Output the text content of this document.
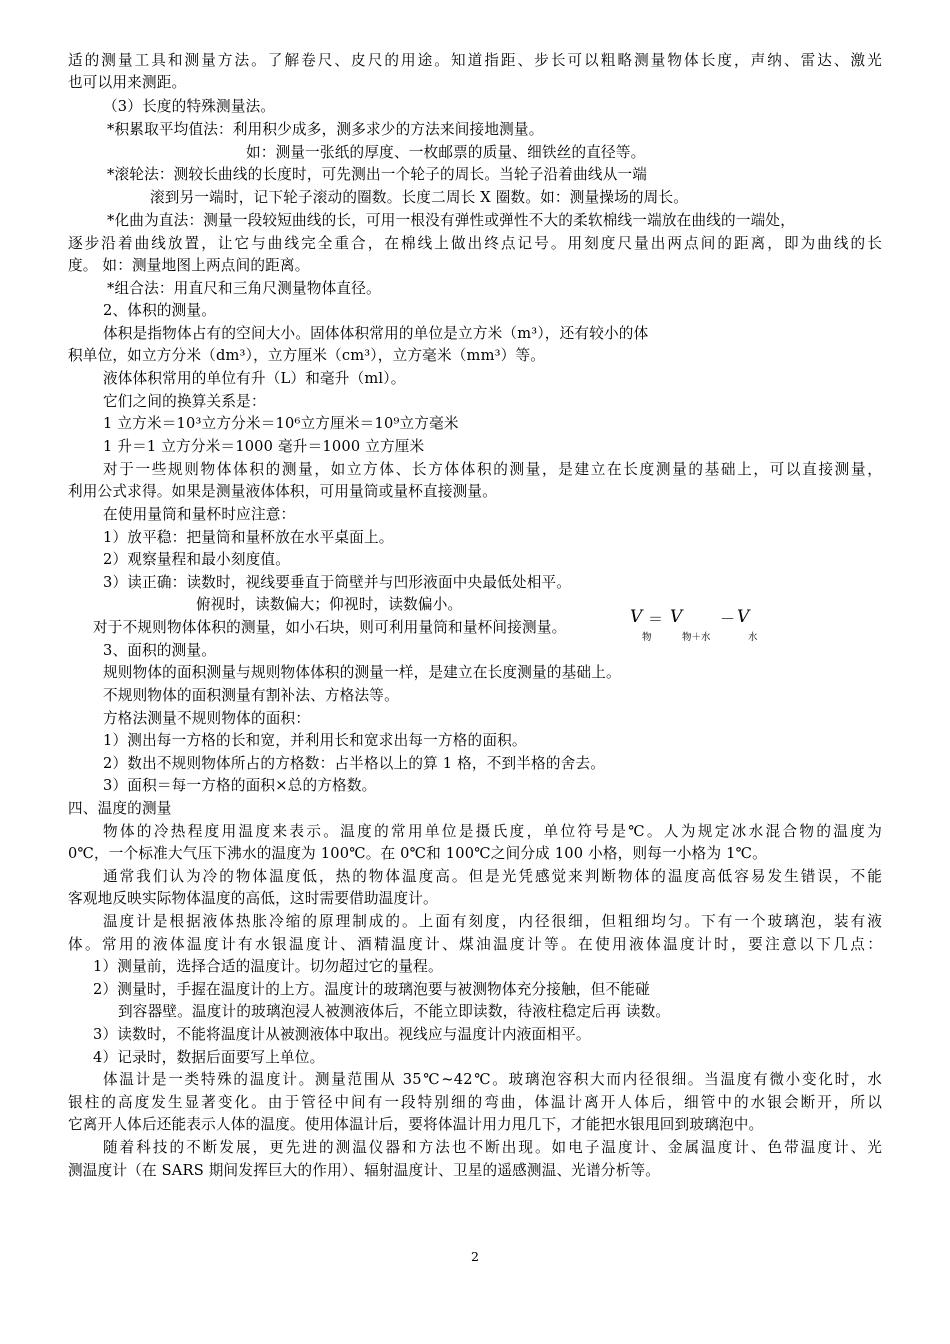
适的测量工具和测量方法。了解卷尺、皮尺的用途。知道指距、步长可以粗略测量物体长度，声纳、雷达、激光
也可以用来测距。
（3）长度的特殊测量法。
*积累取平均值法：利用积少成多，测多求少的方法来间接地测量。
如：测量一张纸的厚度、一枚邮票的质量、细铁丝的直径等。
*滚轮法：测较长曲线的长度时，可先测出一个轮子的周长。当轮子沿着曲线从一端
滚到另一端时，记下轮子滚动的圈数。长度二周长 X 圈数。如：测量操场的周长。
*化曲为直法：测量一段较短曲线的长，可用一根没有弹性或弹性不大的柔软棉线一端放在曲线的一端处，
逐步沿着曲线放置，让它与曲线完全重合，在棉线上做出终点记号。用刻度尺量出两点间的距离，即为曲线的长
度。 如：测量地图上两点间的距离。
*组合法：用直尺和三角尺测量物体直径。
2、体积的测量。
体积是指物体占有的空间大小。固体体积常用的单位是立方米（m³），还有较小的体
积单位，如立方分米（dm³），立方厘米（cm³），立方毫米（mm³）等。
液体体积常用的单位有升（L）和毫升（ml）。
它们之间的换算关系是：
1 立方米＝10³立方分米＝10⁶立方厘米＝10⁹立方毫米
1 升＝1 立方分米＝1000 毫升＝1000 立方厘米
对于一些规则物体体积的测量，如立方体、长方体体积的测量，是建立在长度测量的基础上，可以直接测量，
利用公式求得。如果是测量液体体积，可用量筒或量杯直接测量。
在使用量筒和量杯时应注意：
1）放平稳：把量筒和量杯放在水平桌面上。
2）观察量程和最小刻度值。
3）读正确：读数时，视线要垂直于筒壁并与凹形液面中央最低处相平。
俯视时，读数偏大；仰视时，读数偏小。
对于不规则物体体积的测量，如小石块，则可利用量筒和量杯间接测量。
V
物
＝ V
物＋水
－ V
水
3、面积的测量。
规则物体的面积测量与规则物体体积的测量一样，是建立在长度测量的基础上。
不规则物体的面积测量有割补法、方格法等。
方格法测量不规则物体的面积：
1）测出每一方格的长和宽，并利用长和宽求出每一方格的面积。
2）数出不规则物体所占的方格数：占半格以上的算 1 格，不到半格的舍去。
3）面积＝每一方格的面积×总的方格数。
四、温度的测量
物体的冷热程度用温度来表示。温度的常用单位是摄氏度，单位符号是℃。人为规定冰水混合物的温度为
0℃，一个标准大气压下沸水的温度为 100℃。在 0℃和 100℃之间分成 100 小格，则每一小格为 1℃。
通常我们认为冷的物体温度低，热的物体温度高。但是光凭感觉来判断物体的温度高低容易发生错误，不能
客观地反映实际物体温度的高低，这时需要借助温度计。
温度计是根据液体热胀冷缩的原理制成的。上面有刻度，内径很细，但粗细均匀。下有一个玻璃泡，装有液
体。常用的液体温度计有水银温度计、酒精温度计、煤油温度计等。在使用液体温度计时，要注意以下几点：
1）测量前，选择合适的温度计。切勿超过它的量程。
2）测量时，手握在温度计的上方。温度计的玻璃泡要与被测物体充分接触，但不能碰
到容器壁。温度计的玻璃泡浸人被测液体后，不能立即读数，待液柱稳定后再 读数。
3）读数时，不能将温度计从被测液体中取出。视线应与温度计内液面相平。
4）记录时，数据后面要写上单位。
体温计是一类特殊的温度计。测量范围从 35℃~42℃。玻璃泡容积大而内径很细。当温度有微小变化时，水
银柱的高度发生显著变化。由于管径中间有一段特别细的弯曲，体温计离开人体后，细管中的水银会断开，所以
它离开人体后还能表示人体的温度。使用体温计后，要将体温计用力甩几下，才能把水银甩回到玻璃泡中。
随着科技的不断发展，更先进的测温仪器和方法也不断出现。如电子温度计、金属温度计、色带温度计、光
测温度计（在 SARS 期间发挥巨大的作用）、辐射温度计、卫星的遥感测温、光谱分析等。
2
